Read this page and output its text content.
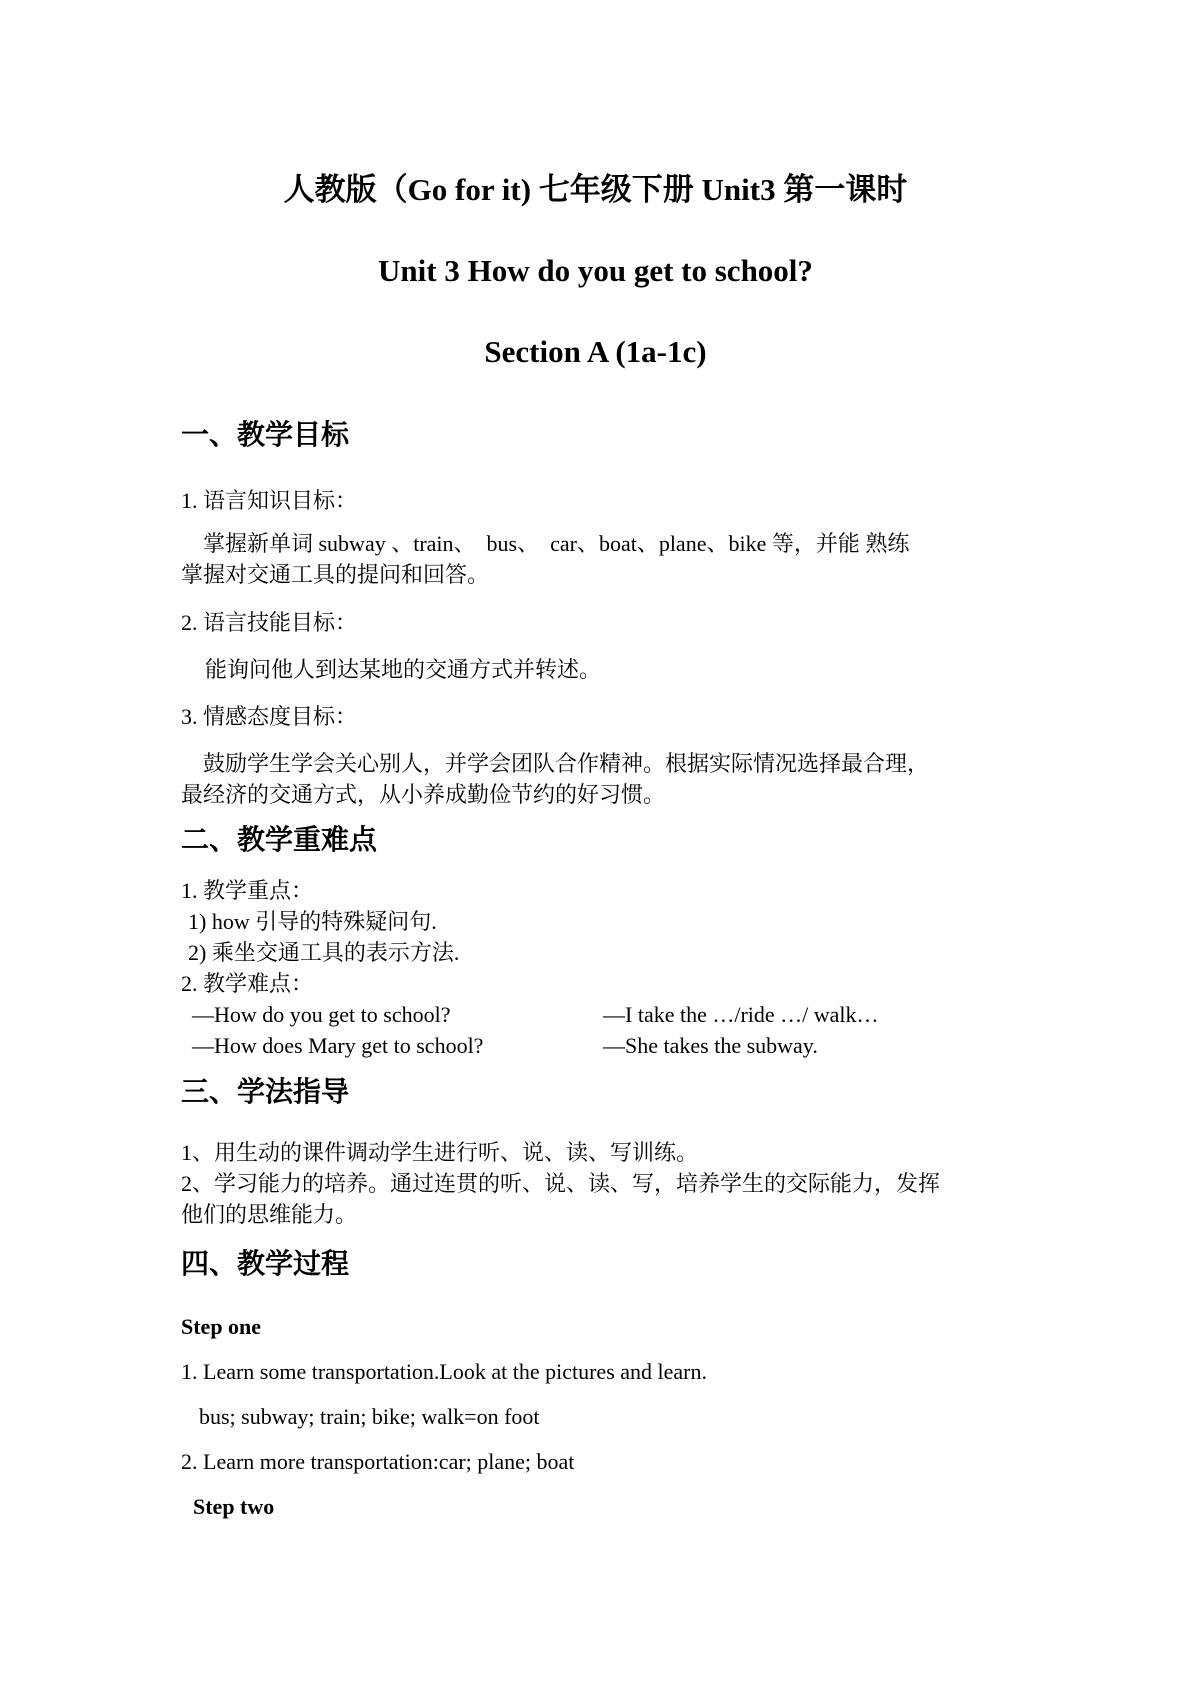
人教版（Go for it) 七年级下册 Unit3 第一课时
Unit 3 How do you get to school?
Section A (1a-1c)
一、教学目标
1. 语言知识目标：
掌握新单词 subway 、train、　bus、　car、boat、plane、bike 等，并能 熟练
掌握对交通工具的提问和回答。
2. 语言技能目标：
能询问他人到达某地的交通方式并转述。
3. 情感态度目标：
鼓励学生学会关心别人，并学会团队合作精神。根据实际情况选择最合理，
最经济的交通方式，从小养成勤俭节约的好习惯。
二、教学重难点
1. 教学重点：
1) how 引导的特殊疑问句.
2) 乘坐交通工具的表示方法.
2. 教学难点：
—How do you get to school?	—I take the …/ride …/ walk…
—How does Mary get to school?	—She takes the subway.
三、学法指导
1、用生动的课件调动学生进行听、说、读、写训练。
2、学习能力的培养。通过连贯的听、说、读、写，培养学生的交际能力，发挥
他们的思维能力。
四、教学过程
Step one
1. Learn some transportation.Look at the pictures and learn.
bus; subway; train; bike; walk=on foot
2. Learn more transportation:car; plane; boat
Step two
